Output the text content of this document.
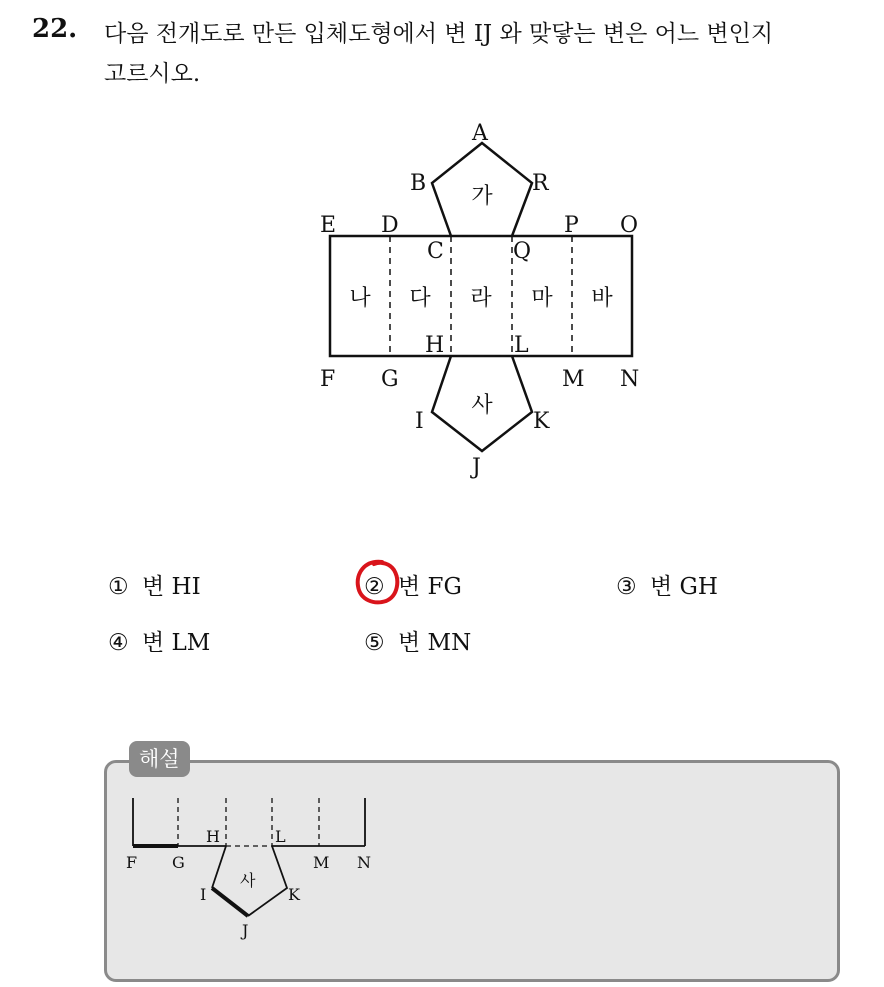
22. 다음 전개도로 만든 입체도형에서 변 IJ 와 맞닿는 변은 어느 변인지
고르시오.
A
B	R
E D
C	Q
P O
F G
H	L
M N
I	K
J
가
나 다 라 마 바
사
① 변 HI	② 변 FG	③ 변 GH
④ 변 LM	⑤ 변 MN
해설
F G
H	L
M N
I	K
J
사
